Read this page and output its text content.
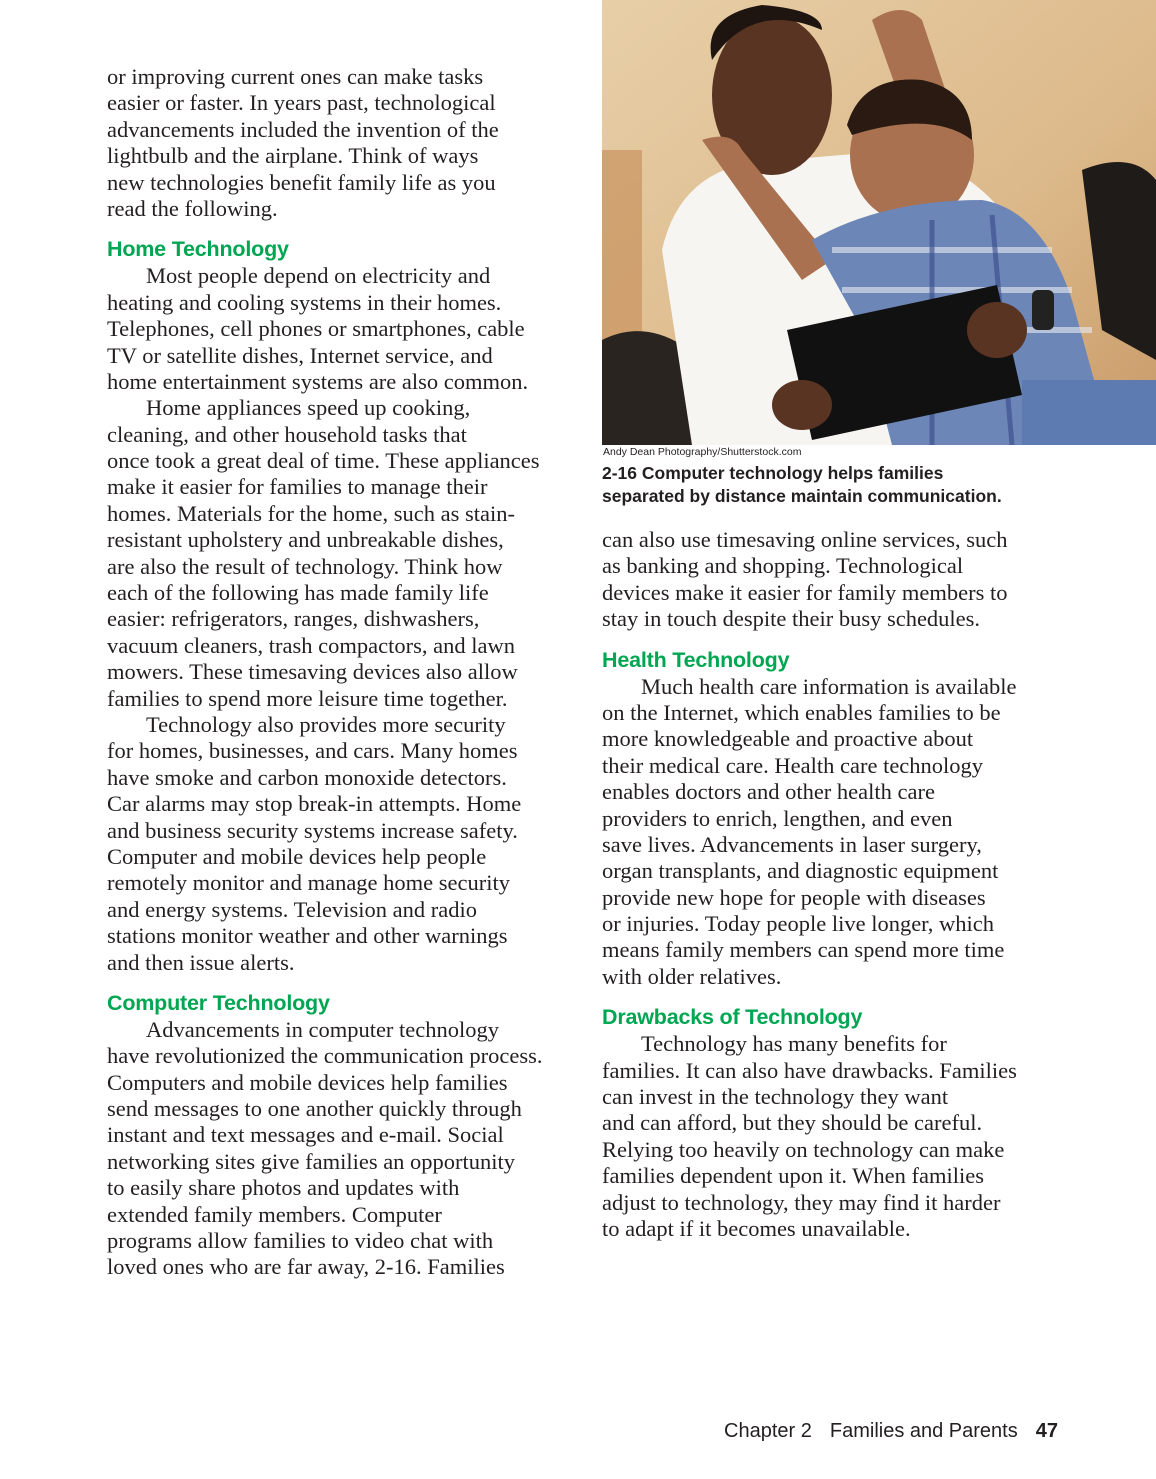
or improving current ones can make tasks
easier or faster. In years past, technological
advancements included the invention of the
lightbulb and the airplane. Think of ways
new technologies benefit family life as you
read the following.
Home Technology
Most people depend on electricity and
heating and cooling systems in their homes.
Telephones, cell phones or smartphones, cable
TV or satellite dishes, Internet service, and
home entertainment systems are also common.
Home appliances speed up cooking,
cleaning, and other household tasks that
once took a great deal of time. These appliances
make it easier for families to manage their
homes. Materials for the home, such as stain-
resistant upholstery and unbreakable dishes,
are also the result of technology. Think how
each of the following has made family life
easier: refrigerators, ranges, dishwashers,
vacuum cleaners, trash compactors, and lawn
mowers. These timesaving devices also allow
families to spend more leisure time together.
Technology also provides more security
for homes, businesses, and cars. Many homes
have smoke and carbon monoxide detectors.
Car alarms may stop break-in attempts. Home
and business security systems increase safety.
Computer and mobile devices help people
remotely monitor and manage home security
and energy systems. Television and radio
stations monitor weather and other warnings
and then issue alerts.
Computer Technology
Advancements in computer technology
have revolutionized the communication process.
Computers and mobile devices help families
send messages to one another quickly through
instant and text messages and e-mail. Social
networking sites give families an opportunity
to easily share photos and updates with
extended family members. Computer
programs allow families to video chat with
loved ones who are far away, 2-16. Families
Andy Dean Photography/Shutterstock.com
2-16 Computer technology helps families
separated by distance maintain communication.
can also use timesaving online services, such
as banking and shopping. Technological
devices make it easier for family members to
stay in touch despite their busy schedules.
Health Technology
Much health care information is available
on the Internet, which enables families to be
more knowledgeable and proactive about
their medical care. Health care technology
enables doctors and other health care
providers to enrich, lengthen, and even
save lives. Advancements in laser surgery,
organ transplants, and diagnostic equipment
provide new hope for people with diseases
or injuries. Today people live longer, which
means family members can spend more time
with older relatives.
Drawbacks of Technology
Technology has many benefits for
families. It can also have drawbacks. Families
can invest in the technology they want
and can afford, but they should be careful.
Relying too heavily on technology can make
families dependent upon it. When families
adjust to technology, they may find it harder
to adapt if it becomes unavailable.
Chapter 2 Families and Parents 47
